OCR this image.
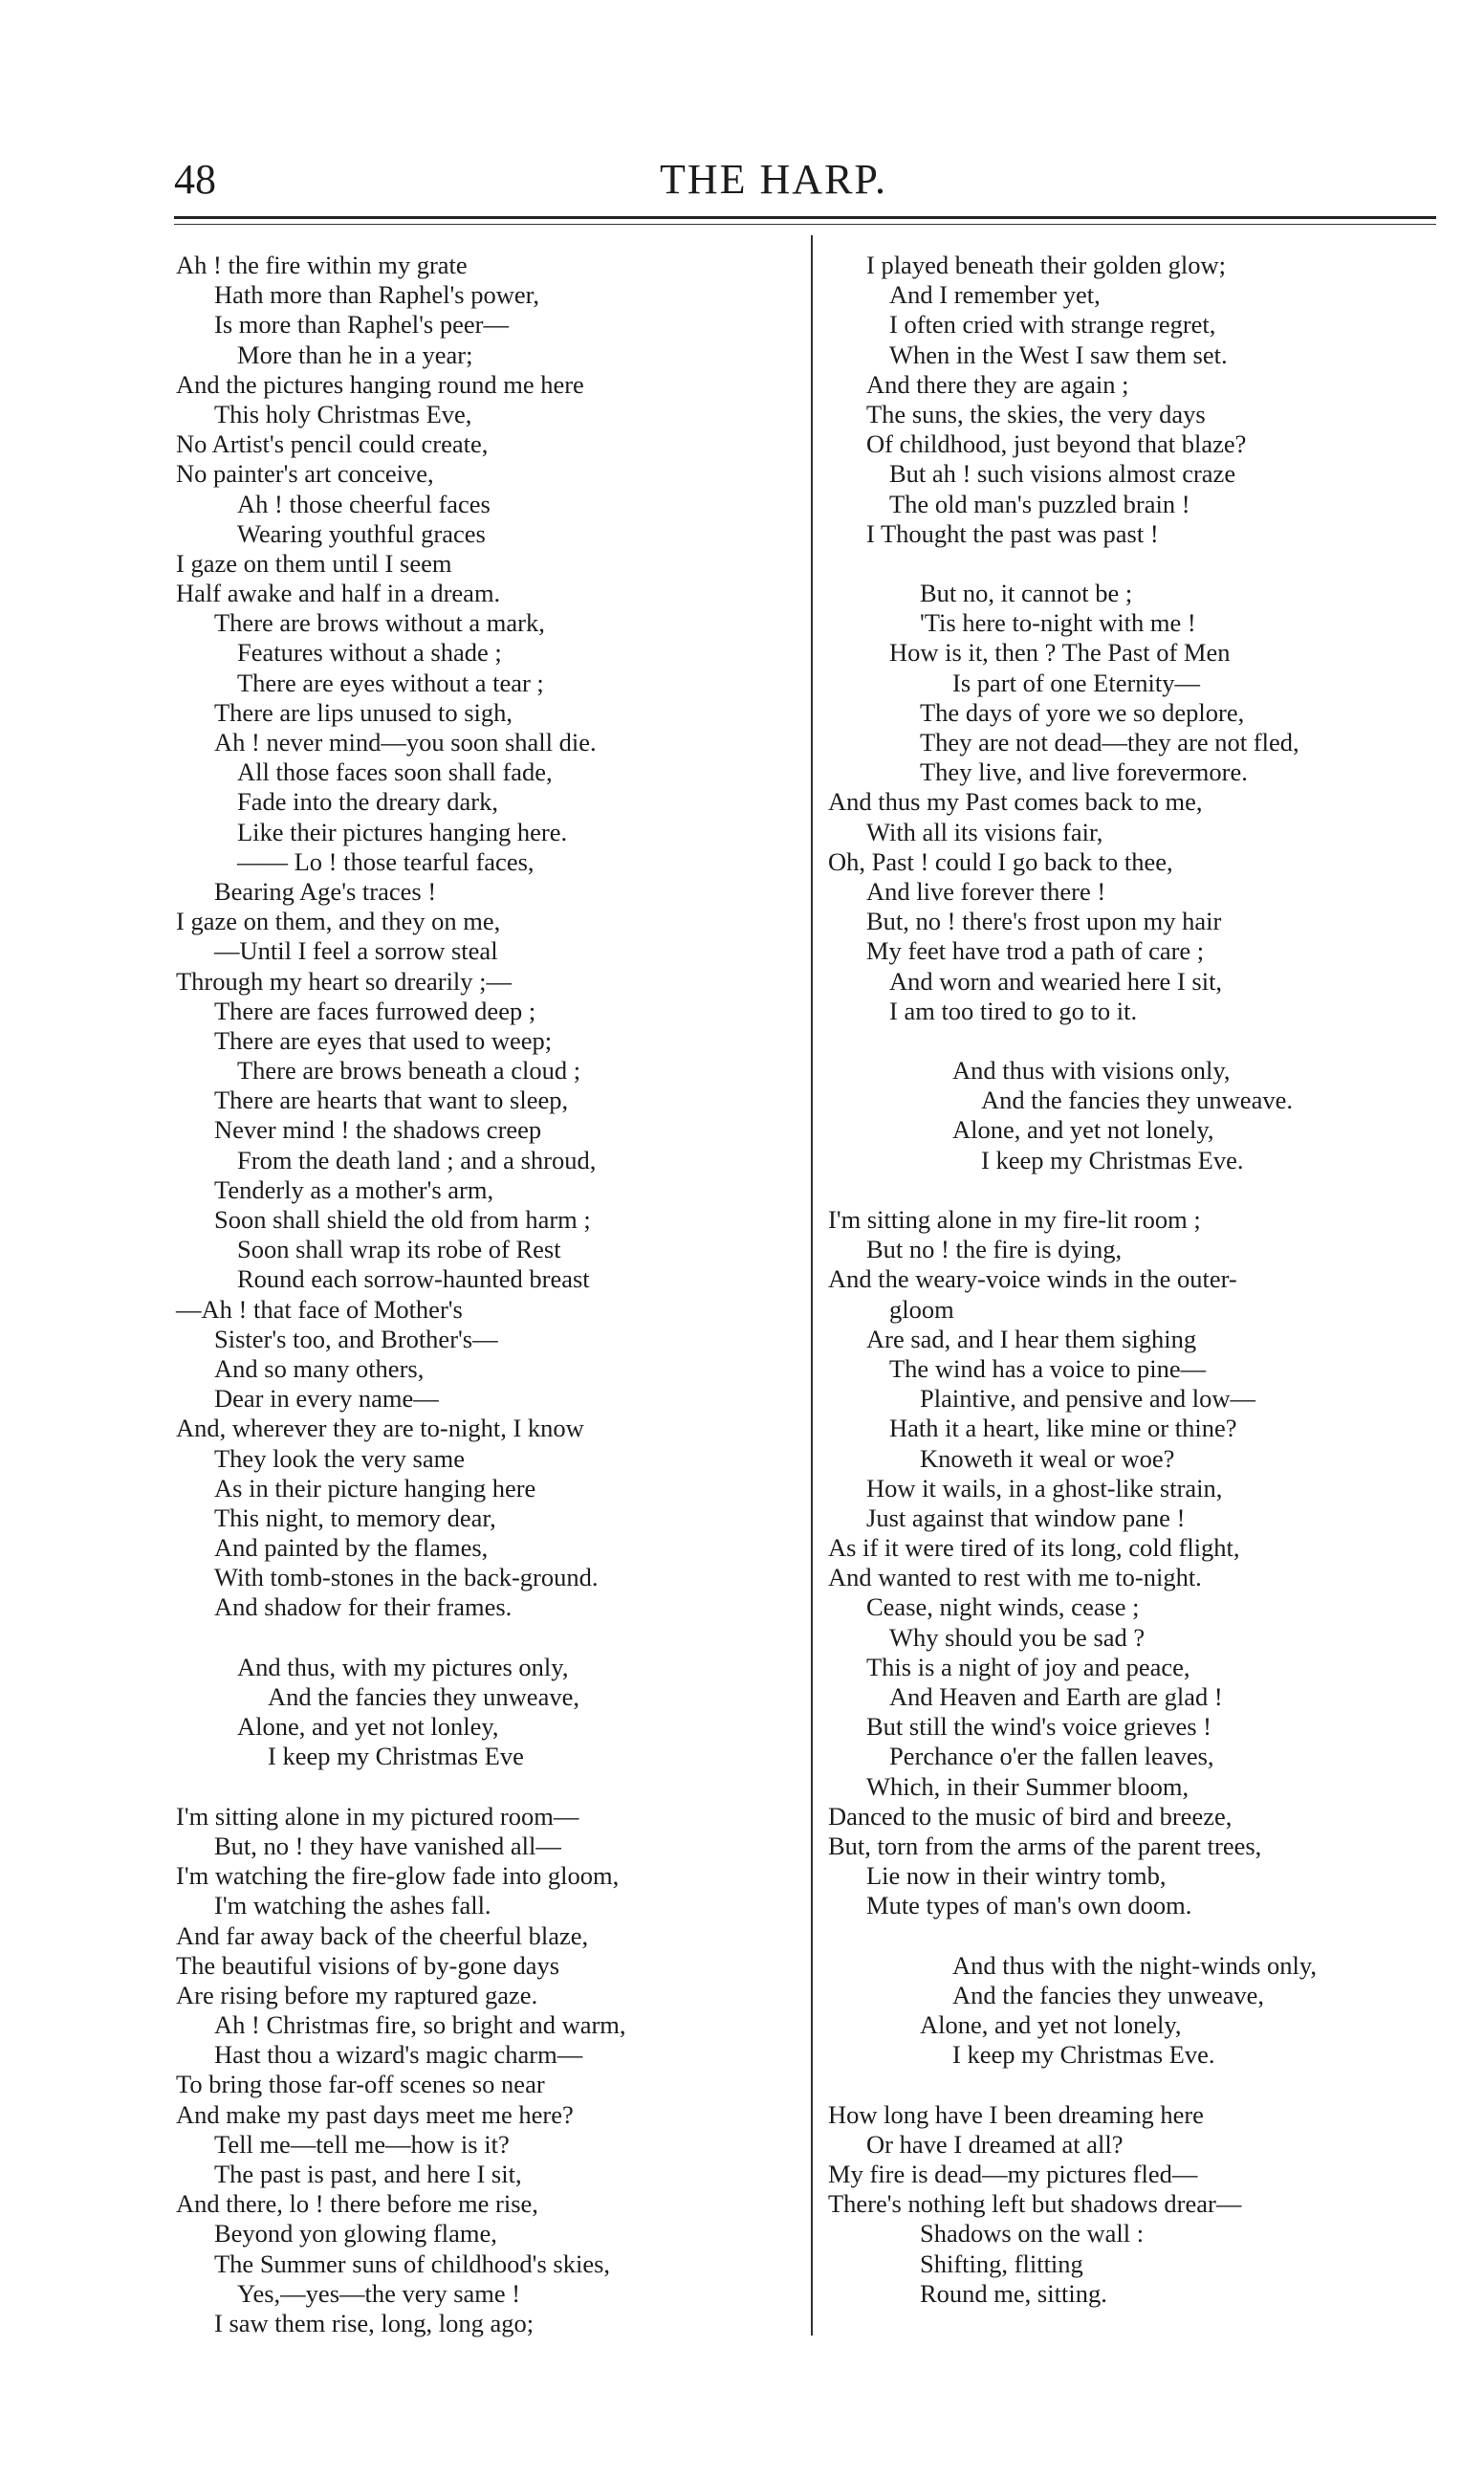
48	THE HARP.
Ah ! the fire within my grate
Hath more than Raphel's power,
Is more than Raphel's peer—
More than he in a year;
And the pictures hanging round me here
This holy Christmas Eve,
No Artist's pencil could create,
No painter's art conceive,
Ah ! those cheerful faces
Wearing youthful graces
I gaze on them until I seem
Half awake and half in a dream.
There are brows without a mark,
Features without a shade ;
There are eyes without a tear ;
There are lips unused to sigh,
Ah ! never mind—you soon shall die.
All those faces soon shall fade,
Fade into the dreary dark,
Like their pictures hanging here.
—— Lo ! those tearful faces,
Bearing Age's traces !
I gaze on them, and they on me,
—Until I feel a sorrow steal
Through my heart so drearily ;—
There are faces furrowed deep ;
There are eyes that used to weep;
There are brows beneath a cloud ;
There are hearts that want to sleep,
Never mind ! the shadows creep
From the death land ; and a shroud,
Tenderly as a mother's arm,
Soon shall shield the old from harm ;
Soon shall wrap its robe of Rest
Round each sorrow-haunted breast
—Ah ! that face of Mother's
Sister's too, and Brother's—
And so many others,
Dear in every name—
And, wherever they are to-night, I know
They look the very same
As in their picture hanging here
This night, to memory dear,
And painted by the flames,
With tomb-stones in the back-ground.
And shadow for their frames.
And thus, with my pictures only,
And the fancies they unweave,
Alone, and yet not lonley,
I keep my Christmas Eve
I'm sitting alone in my pictured room—
But, no ! they have vanished all—
I'm watching the fire-glow fade into gloom,
I'm watching the ashes fall.
And far away back of the cheerful blaze,
The beautiful visions of by-gone days
Are rising before my raptured gaze.
Ah ! Christmas fire, so bright and warm,
Hast thou a wizard's magic charm—
To bring those far-off scenes so near
And make my past days meet me here?
Tell me—tell me—how is it?
The past is past, and here I sit,
And there, lo ! there before me rise,
Beyond yon glowing flame,
The Summer suns of childhood's skies,
Yes,—yes—the very same !
I saw them rise, long, long ago;
I played beneath their golden glow;
And I remember yet,
I often cried with strange regret,
When in the West I saw them set.
And there they are again ;
The suns, the skies, the very days
Of childhood, just beyond that blaze?
But ah ! such visions almost craze
The old man's puzzled brain !
I Thought the past was past !
But no, it cannot be ;
'Tis here to-night with me !
How is it, then ? The Past of Men
Is part of one Eternity—
The days of yore we so deplore,
They are not dead—they are not fled,
They live, and live forevermore.
And thus my Past comes back to me,
With all its visions fair,
Oh, Past ! could I go back to thee,
And live forever there !
But, no ! there's frost upon my hair
My feet have trod a path of care ;
And worn and wearied here I sit,
I am too tired to go to it.
And thus with visions only,
And the fancies they unweave.
Alone, and yet not lonely,
I keep my Christmas Eve.
I'm sitting alone in my fire-lit room ;
But no ! the fire is dying,
And the weary-voice winds in the outer-
gloom
Are sad, and I hear them sighing
The wind has a voice to pine—
Plaintive, and pensive and low—
Hath it a heart, like mine or thine?
Knoweth it weal or woe?
How it wails, in a ghost-like strain,
Just against that window pane !
As if it were tired of its long, cold flight,
And wanted to rest with me to-night.
Cease, night winds, cease ;
Why should you be sad ?
This is a night of joy and peace,
And Heaven and Earth are glad !
But still the wind's voice grieves !
Perchance o'er the fallen leaves,
Which, in their Summer bloom,
Danced to the music of bird and breeze,
But, torn from the arms of the parent trees,
Lie now in their wintry tomb,
Mute types of man's own doom.
And thus with the night-winds only,
And the fancies they unweave,
Alone, and yet not lonely,
I keep my Christmas Eve.
How long have I been dreaming here
Or have I dreamed at all?
My fire is dead—my pictures fled—
There's nothing left but shadows drear—
Shadows on the wall :
Shifting, flitting
Round me, sitting.
